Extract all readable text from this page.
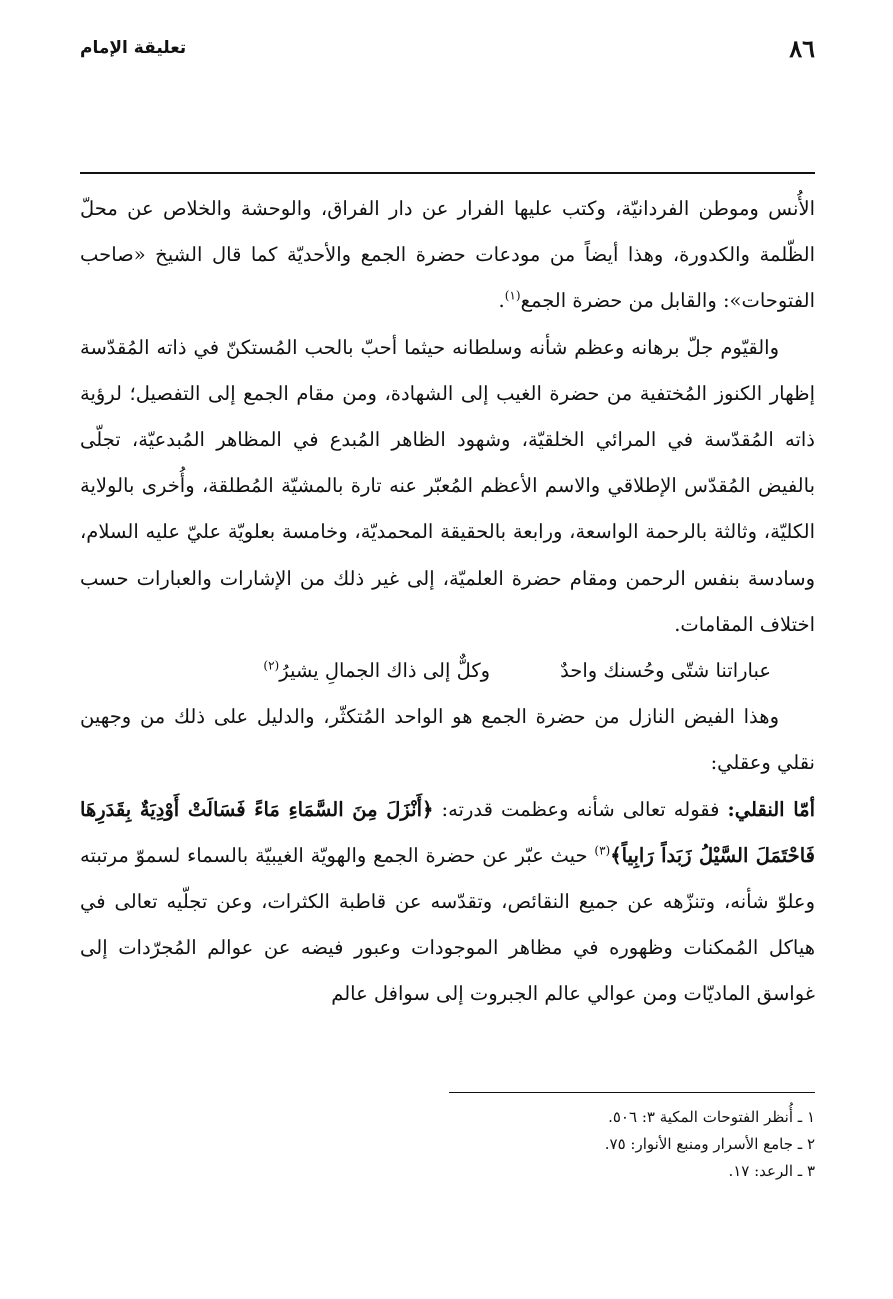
٨٦
تعليقة الإمام

الأُنس وموطن الفردانيّة، وكتب عليها الفرار عن دار الفراق، والوحشة والخلاص عن محلّ الظّلمة والكدورة، وهذا أيضاً من مودعات حضرة الجمع والأحديّة كما قال الشيخ «صاحب الفتوحات»: والقابل من حضرة الجمع$^{(١)}$.

والقيّوم جلّ برهانه وعظم شأنه وسلطانه حيثما أحبّ بالحب المُستكنّ في ذاته المُقدّسة إظهار الكنوز المُختفية من حضرة الغيب إلى الشهادة، ومن مقام الجمع إلى التفصيل؛ لرؤية ذاته المُقدّسة في المرائي الخلقيّة، وشهود الظاهر المُبدع في المظاهر المُبدعيّة، تجلّى بالفيض المُقدّس الإطلاقي والاسم الأعظم المُعبّر عنه تارة بالمشيّة المُطلقة، وأُخرى بالولاية الكليّة، وثالثة بالرحمة الواسعة، ورابعة بالحقيقة المحمديّة، وخامسة بعلويّة عليّ عليه السلام، وسادسة بنفس الرحمن ومقام حضرة العلميّة، إلى غير ذلك من الإشارات والعبارات حسب اختلاف المقامات.

عباراتنا شتّى وحُسنك واحدٌ
وكلٌّ إلى ذاك الجمالِ يشيرُ$^{(٢)}$

وهذا الفيض النازل من حضرة الجمع هو الواحد المُتكثّر، والدليل على ذلك من وجهين نقلي وعقلي:

أمّا النقلي: فقوله تعالى شأنه وعظمت قدرته: ﴿أَنْزَلَ مِنَ السَّمَاءِ مَاءً فَسَالَتْ أَوْدِيَةٌ بِقَدَرِهَا فَاحْتَمَلَ السَّيْلُ زَبَداً رَابِياً﴾$^{(٣)}$ حيث عبّر عن حضرة الجمع والهويّة الغيبيّة بالسماء لسموّ مرتبته وعلوّ شأنه، وتنزّهه عن جميع النقائص، وتقدّسه عن قاطبة الكثرات، وعن تجلّيه تعالى في هياكل المُمكنات وظهوره في مظاهر الموجودات وعبور فيضه عن عوالم المُجرّدات إلى غواسق الماديّات ومن عوالي عالم الجبروت إلى سوافل عالم

١ ـ أُنظر الفتوحات المكية ٣: ٥٠٦.
٢ ـ جامع الأسرار ومنبع الأنوار: ٧٥.
٣ ـ الرعد: ١٧.
